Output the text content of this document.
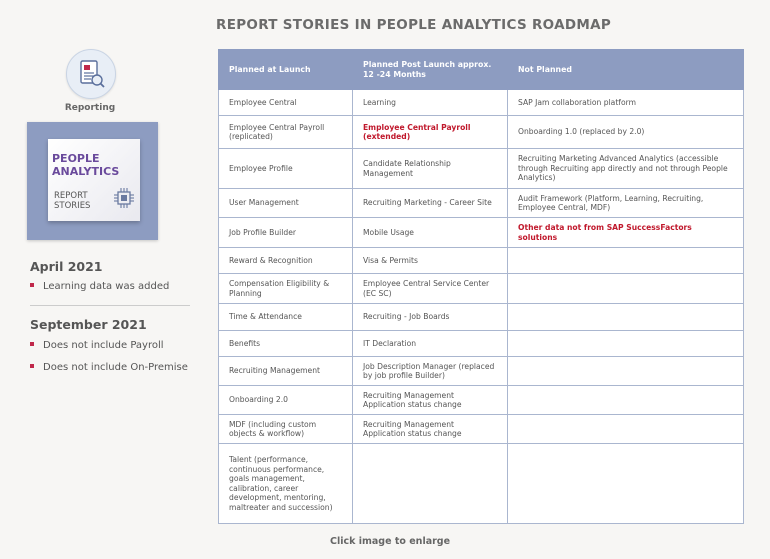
REPORT STORIES IN PEOPLE ANALYTICS ROADMAP
Reporting
PEOPLE ANALYTICS
REPORT STORIES
April 2021
Learning data was added
September 2021
Does not include Payroll
Does not include On-Premise
Planned at Launch	Planned Post Launch approx. 12 -24 Months	Not Planned
Employee Central	Learning	SAP Jam collaboration platform
Employee Central Payroll (replicated)	Employee Central Payroll (extended)	Onboarding 1.0 (replaced by 2.0)
Employee Profile	Candidate Relationship Management	Recruiting Marketing Advanced Analytics (accessible through Recruiting app directly and not through People Analytics)
User Management	Recruiting Marketing - Career Site	Audit Framework (Platform, Learning, Recruiting, Employee Central, MDF)
Job Profile Builder	Mobile Usage	Other data not from SAP SuccessFactors solutions
Reward & Recognition	Visa & Permits	
Compensation Eligibility & Planning	Employee Central Service Center (EC SC)	
Time & Attendance	Recruiting - Job Boards	
Benefits	IT Declaration	
Recruiting Management	Job Description Manager (replaced by job profile Builder)	
Onboarding 2.0	Recruiting Management Application status change	
MDF (including custom objects & workflow)	Recruiting Management Application status change	
Talent (performance, continuous performance, goals management, calibration, career development, mentoring, maltreater and succession)		
Click image to enlarge
